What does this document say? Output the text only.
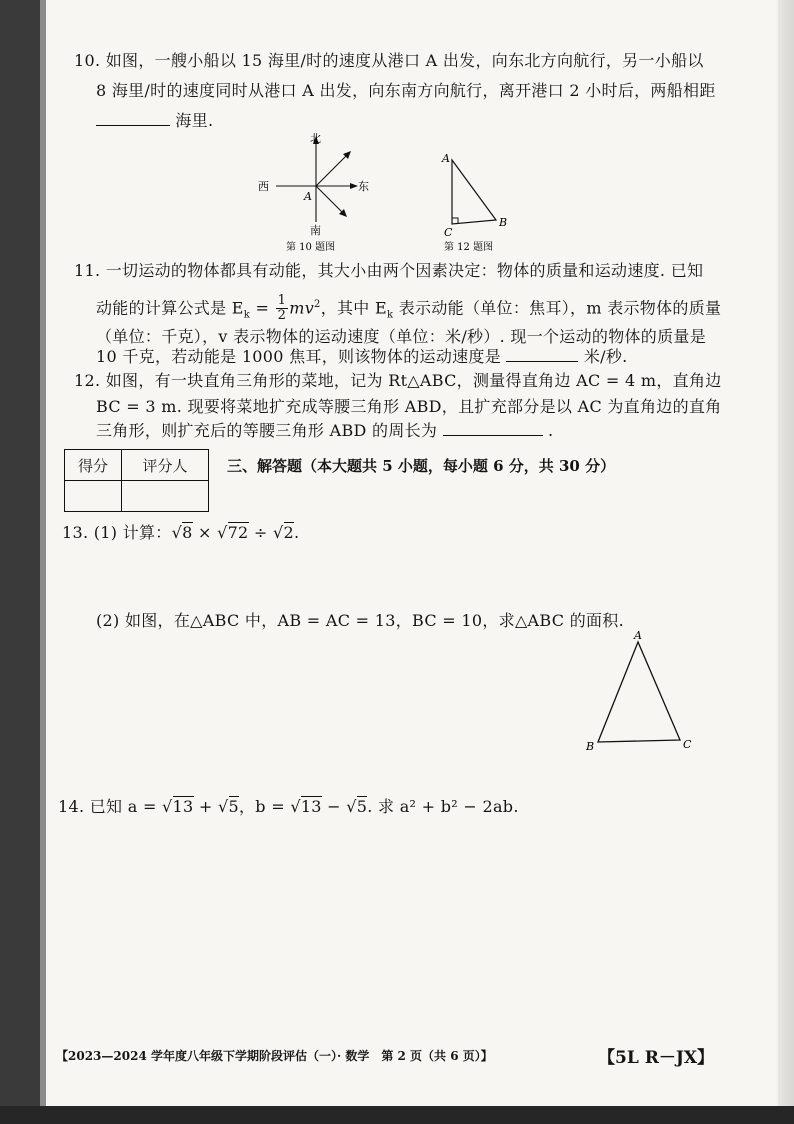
10. 如图，一艘小船以 15 海里/时的速度从港口 A 出发，向东北方向航行，另一小船以
8 海里/时的速度同时从港口 A 出发，向东南方向航行，离开港口 2 小时后，两船相距
海里.
北
南
西	东
A
第 10 题图
A
C
B
第 12 题图
11. 一切运动的物体都具有动能，其大小由两个因素决定：物体的质量和运动速度. 已知
动能的计算公式是 $E_k = \frac{1}{2} mv^2$，其中 $E_k$ 表示动能（单位：焦耳），m 表示物体的质量
（单位：千克），v 表示物体的运动速度（单位：米/秒）. 现一个运动的物体的质量是
10 千克，若动能是 1000 焦耳，则该物体的运动速度是	米/秒.
12. 如图，有一块直角三角形的菜地，记为 Rt△ABC，测量得直角边 AC = 4 m，直角边
BC = 3 m. 现要将菜地扩充成等腰三角形 ABD，且扩充部分是以 AC 为直角边的直角
三角形，则扩充后的等腰三角形 ABD 的周长为	.
得分	评分人
		三、解答题（本大题共 5 小题，每小题 6 分，共 30 分）
13. (1) 计算：√8 × √72 ÷ √2.
(2) 如图，在△ABC 中，AB = AC = 13，BC = 10，求△ABC 的面积.
A
B	C
14. 已知 a = √13 + √5，b = √13 − √5. 求 a² + b² − 2ab.
【2023—2024 学年度八年级下学期阶段评估（一）· 数学　第 2 页（共 6 页）】	【5L R－JX】
